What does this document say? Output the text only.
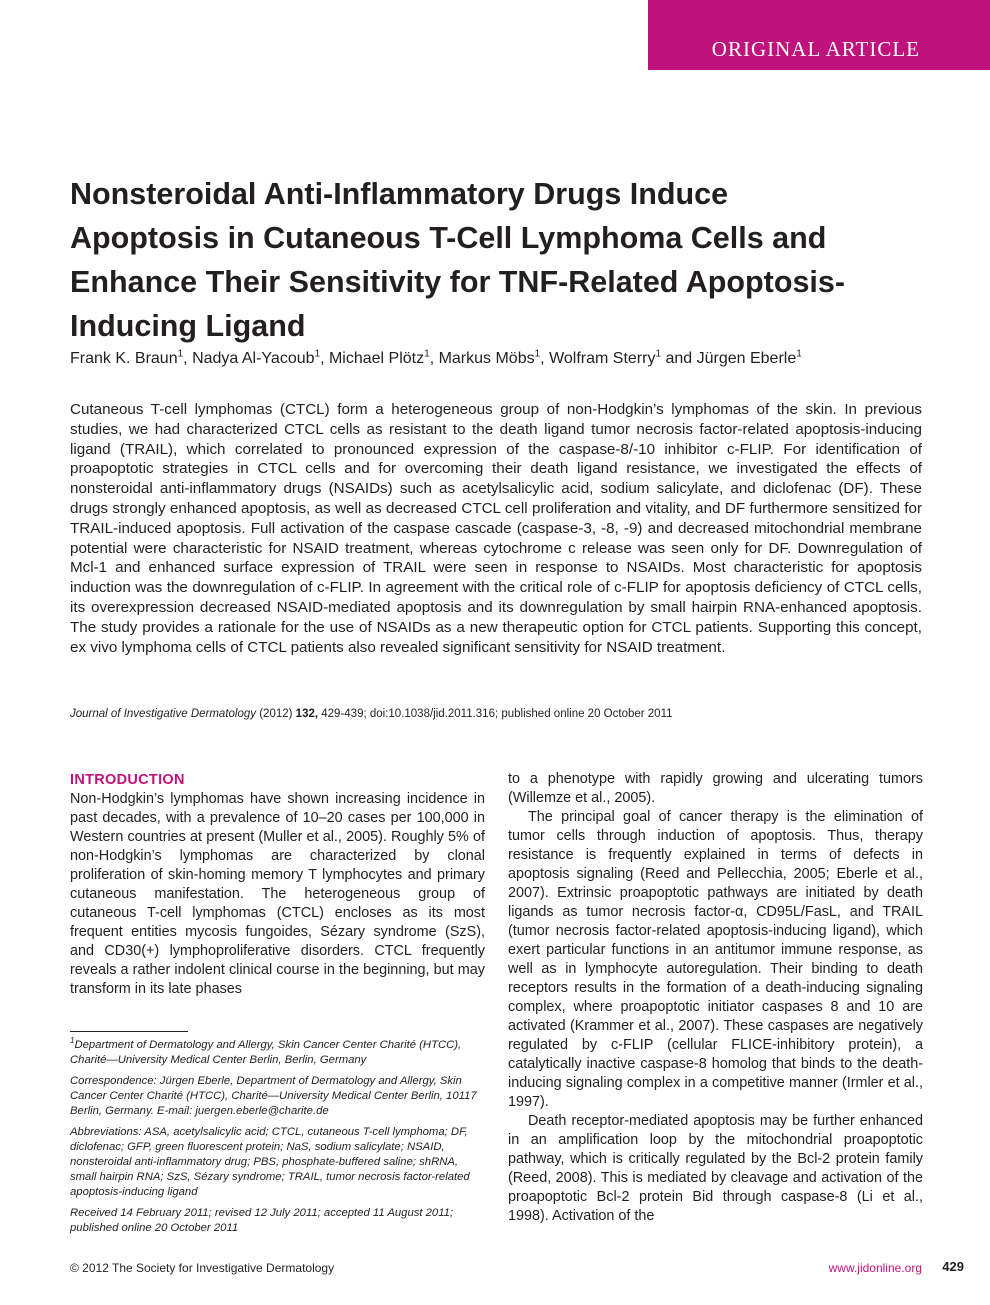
ORIGINAL ARTICLE
Nonsteroidal Anti-Inflammatory Drugs Induce Apoptosis in Cutaneous T-Cell Lymphoma Cells and Enhance Their Sensitivity for TNF-Related Apoptosis-Inducing Ligand
Frank K. Braun$^1$, Nadya Al-Yacoub$^1$, Michael Plötz$^1$, Markus Möbs$^1$, Wolfram Sterry$^1$ and Jürgen Eberle$^1$

Cutaneous T-cell lymphomas (CTCL) form a heterogeneous group of non-Hodgkin’s lymphomas of the skin. In previous studies, we had characterized CTCL cells as resistant to the death ligand tumor necrosis factor-related apoptosis-inducing ligand (TRAIL), which correlated to pronounced expression of the caspase-8/-10 inhibitor c-FLIP. For identification of proapoptotic strategies in CTCL cells and for overcoming their death ligand resistance, we investigated the effects of nonsteroidal anti-inflammatory drugs (NSAIDs) such as acetylsalicylic acid, sodium salicylate, and diclofenac (DF). These drugs strongly enhanced apoptosis, as well as decreased CTCL cell proliferation and vitality, and DF furthermore sensitized for TRAIL-induced apoptosis. Full activation of the caspase cascade (caspase-3, -8, -9) and decreased mitochondrial membrane potential were characteristic for NSAID treatment, whereas cytochrome c release was seen only for DF. Downregulation of Mcl-1 and enhanced surface expression of TRAIL were seen in response to NSAIDs. Most characteristic for apoptosis induction was the downregulation of c-FLIP. In agreement with the critical role of c-FLIP for apoptosis deficiency of CTCL cells, its overexpression decreased NSAID-mediated apoptosis and its downregulation by small hairpin RNA-enhanced apoptosis. The study provides a rationale for the use of NSAIDs as a new therapeutic option for CTCL patients. Supporting this concept, ex vivo lymphoma cells of CTCL patients also revealed significant sensitivity for NSAID treatment.

Journal of Investigative Dermatology (2012) 132, 429-439; doi:10.1038/jid.2011.316; published online 20 October 2011
INTRODUCTION

Non-Hodgkin’s lymphomas have shown increasing incidence in past decades, with a prevalence of 10–20 cases per 100,000 in Western countries at present (Muller et al., 2005). Roughly 5% of non-Hodgkin’s lymphomas are characterized by clonal proliferation of skin-homing memory T lymphocytes and primary cutaneous manifestation. The heterogeneous group of cutaneous T-cell lymphomas (CTCL) encloses as its most frequent entities mycosis fungoides, Sézary syndrome (SzS), and CD30(+) lymphoproliferative disorders. CTCL frequently reveals a rather indolent clinical course in the beginning, but may transform in its late phases

$^1$Department of Dermatology and Allergy, Skin Cancer Center Charité (HTCC), Charité—University Medical Center Berlin, Berlin, Germany

Correspondence: Jürgen Eberle, Department of Dermatology and Allergy, Skin Cancer Center Charité (HTCC), Charité—University Medical Center Berlin, 10117 Berlin, Germany. E-mail: juergen.eberle@charite.de

Abbreviations: ASA, acetylsalicylic acid; CTCL, cutaneous T-cell lymphoma; DF, diclofenac; GFP, green fluorescent protein; NaS, sodium salicylate; NSAID, nonsteroidal anti-inflammatory drug; PBS, phosphate-buffered saline; shRNA, small hairpin RNA; SzS, Sézary syndrome; TRAIL, tumor necrosis factor-related apoptosis-inducing ligand

Received 14 February 2011; revised 12 July 2011; accepted 11 August 2011; published online 20 October 2011

to a phenotype with rapidly growing and ulcerating tumors (Willemze et al., 2005).

The principal goal of cancer therapy is the elimination of tumor cells through induction of apoptosis. Thus, therapy resistance is frequently explained in terms of defects in apoptosis signaling (Reed and Pellecchia, 2005; Eberle et al., 2007). Extrinsic proapoptotic pathways are initiated by death ligands as tumor necrosis factor-α, CD95L/FasL, and TRAIL (tumor necrosis factor-related apoptosis-inducing ligand), which exert particular functions in an antitumor immune response, as well as in lymphocyte autoregulation. Their binding to death receptors results in the formation of a death-inducing signaling complex, where proapoptotic initiator caspases 8 and 10 are activated (Krammer et al., 2007). These caspases are negatively regulated by c-FLIP (cellular FLICE-inhibitory protein), a catalytically inactive caspase-8 homolog that binds to the death-inducing signaling complex in a competitive manner (Irmler et al., 1997).

Death receptor-mediated apoptosis may be further enhanced in an amplification loop by the mitochondrial proapoptotic pathway, which is critically regulated by the Bcl-2 protein family (Reed, 2008). This is mediated by cleavage and activation of the proapoptotic Bcl-2 protein Bid through caspase-8 (Li et al., 1998). Activation of the

© 2012 The Society for Investigative Dermatology	www.jidonline.org 429
